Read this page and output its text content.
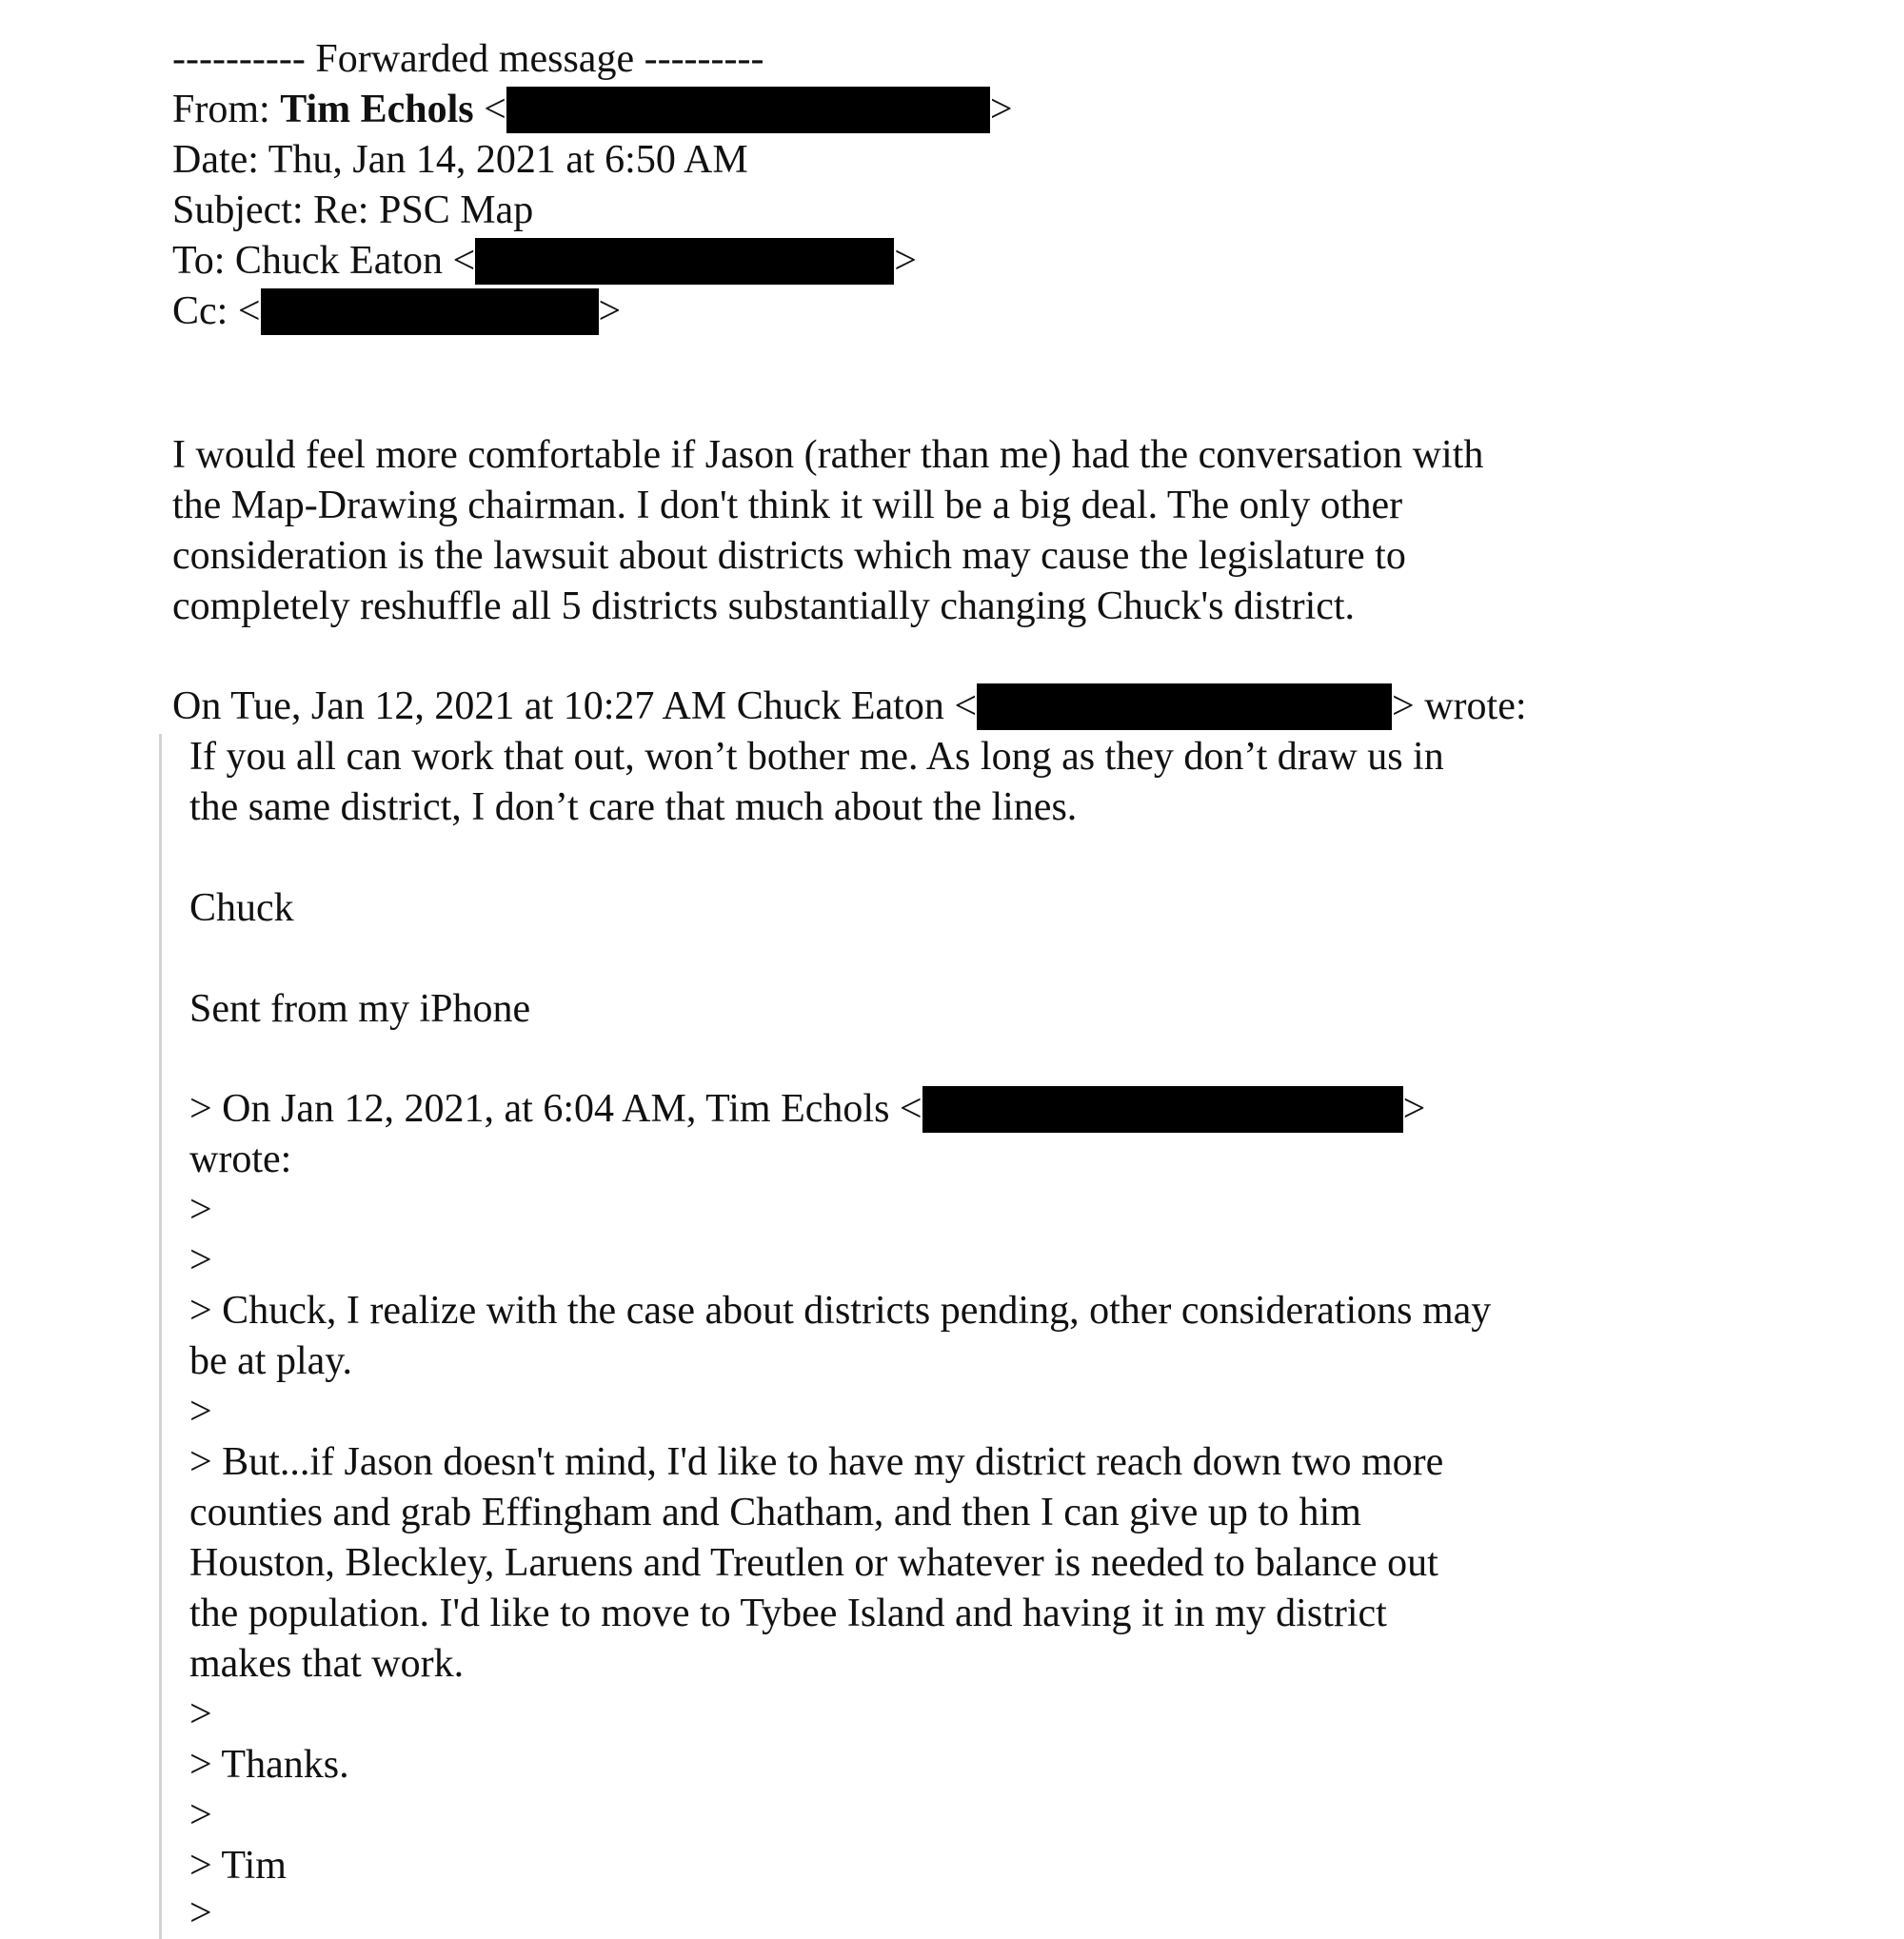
---------- Forwarded message ---------
From: Tim Echols <	>
Date: Thu, Jan 14, 2021 at 6:50 AM
Subject: Re: PSC Map
To: Chuck Eaton <	>
Cc: <	>
I would feel more comfortable if Jason (rather than me) had the conversation with
the Map-Drawing chairman. I don't think it will be a big deal. The only other
consideration is the lawsuit about districts which may cause the legislature to
completely reshuffle all 5 districts substantially changing Chuck's district.
On Tue, Jan 12, 2021 at 10:27 AM Chuck Eaton <	> wrote:
If you all can work that out, won’t bother me. As long as they don’t draw us in
the same district, I don’t care that much about the lines.
Chuck
Sent from my iPhone
> On Jan 12, 2021, at 6:04 AM, Tim Echols <	>
wrote:
>
>
> Chuck, I realize with the case about districts pending, other considerations may
be at play.
>
> But...if Jason doesn't mind, I'd like to have my district reach down two more
counties and grab Effingham and Chatham, and then I can give up to him
Houston, Bleckley, Laruens and Treutlen or whatever is needed to balance out
the population. I'd like to move to Tybee Island and having it in my district
makes that work.
>
> Thanks.
>
> Tim
>
